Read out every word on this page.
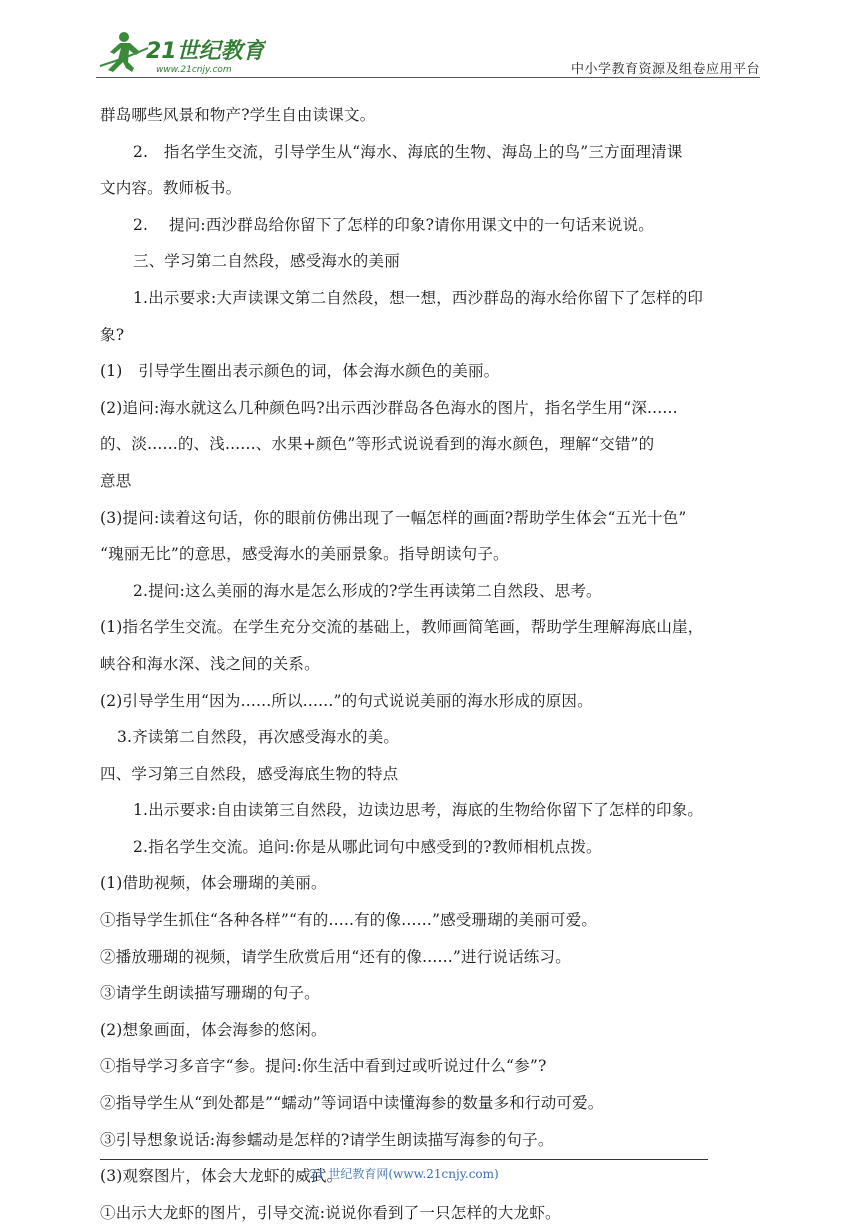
21世纪教育
www.21cnjy.com	中小学教育资源及组卷应用平台
群岛哪些风景和物产?学生自由读课文。
2.　指名学生交流，引导学生从“海水、海底的生物、海岛上的鸟”三方面理清课
文内容。教师板书。
2.　 提问:西沙群岛给你留下了怎样的印象?请你用课文中的一句话来说说。
三、学习第二自然段，感受海水的美丽
1.出示要求:大声读课文第二自然段，想一想，西沙群岛的海水给你留下了怎样的印
象?
(1)　引导学生圈出表示颜色的词，体会海水颜色的美丽。
(2)追问:海水就这么几种颜色吗?出示西沙群岛各色海水的图片，指名学生用“深......
的、淡......的、浅......、水果+颜色”等形式说说看到的海水颜色，理解“交错”的
意思
(3)提问:读着这句话，你的眼前仿佛出现了一幅怎样的画面?帮助学生体会“五光十色”
“瑰丽无比”的意思，感受海水的美丽景象。指导朗读句子。
2.提问:这么美丽的海水是怎么形成的?学生再读第二自然段、思考。
(1)指名学生交流。在学生充分交流的基础上，教师画简笔画，帮助学生理解海底山崖，
峡谷和海水深、浅之间的关系。
(2)引导学生用“因为......所以......”的句式说说美丽的海水形成的原因。
3.齐读第二自然段，再次感受海水的美。
四、学习第三自然段，感受海底生物的特点
1.出示要求:自由读第三自然段，边读边思考，海底的生物给你留下了怎样的印象。
2.指名学生交流。追问:你是从哪此词句中感受到的?教师相机点拨。
(1)借助视频，体会珊瑚的美丽。
①指导学生抓住“各种各样”“有的.....有的像......”感受珊瑚的美丽可爱。
②播放珊瑚的视频，请学生欣赏后用“还有的像......”进行说话练习。
③请学生朗读描写珊瑚的句子。
(2)想象画面，体会海参的悠闲。
①指导学习多音字“参。提问:你生活中看到过或听说过什么“参”?
②指导学生从“到处都是”“蠕动”等词语中读懂海参的数量多和行动可爱。
③引导想象说话:海参蠕动是怎样的?请学生朗读描写海参的句子。
(3)观察图片，体会大龙虾的威武。
①出示大龙虾的图片，引导交流:说说你看到了一只怎样的大龙虾。
21 世纪教育网(www.21cnjy.com)
